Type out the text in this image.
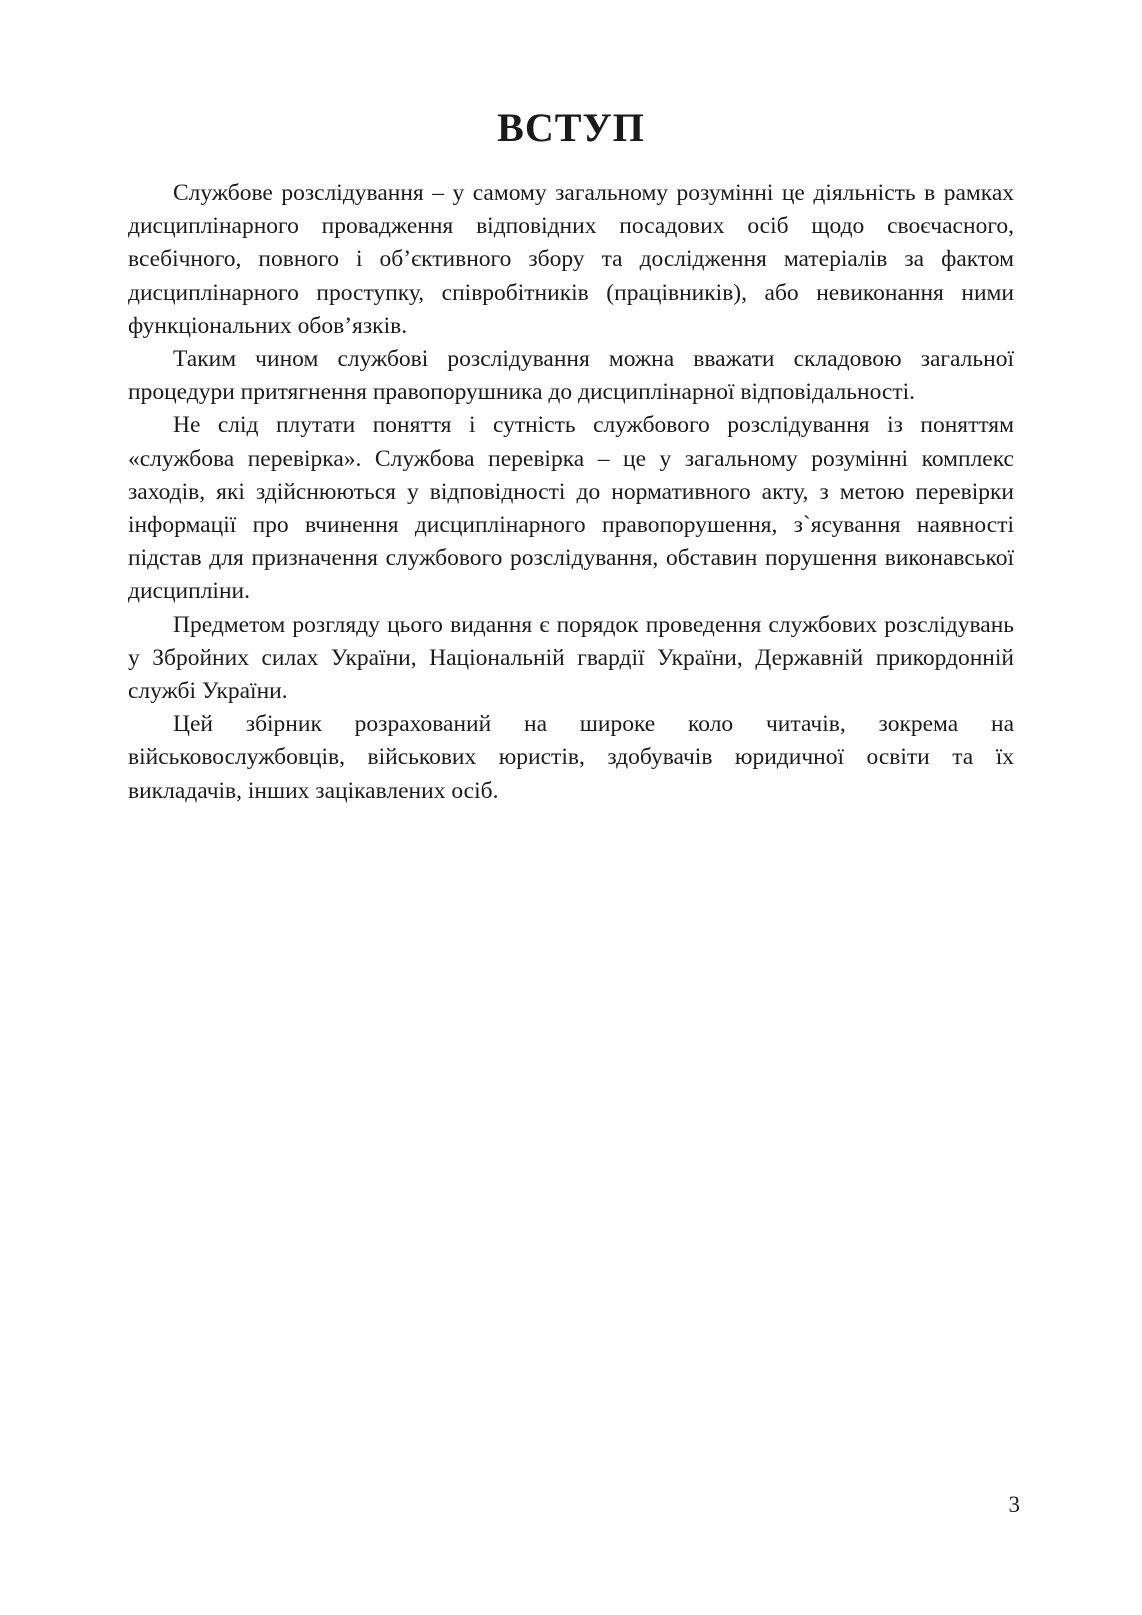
ВСТУП

Службове розслідування – у самому загальному розумінні це діяльність в рамках дисциплінарного провадження відповідних посадових осіб щодо своєчасного, всебічного, повного і об’єктивного збору та дослідження матеріалів за фактом дисциплінарного проступку, співробітників (працівників), або невиконання ними функціональних обов’язків.

Таким чином службові розслідування можна вважати складовою загальної процедури притягнення правопорушника до дисциплінарної відповідальності.

Не слід плутати поняття і сутність службового розслідування із поняттям «службова перевірка». Службова перевірка – це у загальному розумінні комплекс заходів, які здійснюються у відповідності до нормативного акту, з метою перевірки інформації про вчинення дисциплінарного правопорушення, з`ясування наявності підстав для призначення службового розслідування, обставин порушення виконавської дисципліни.

Предметом розгляду цього видання є порядок проведення службових розслідувань у Збройних силах України, Національній гвардії України, Державній прикордонній службі України.

Цей збірник розрахований на широке коло читачів, зокрема на військовослужбовців, військових юристів, здобувачів юридичної освіти та їх викладачів, інших зацікавлених осіб.

3
